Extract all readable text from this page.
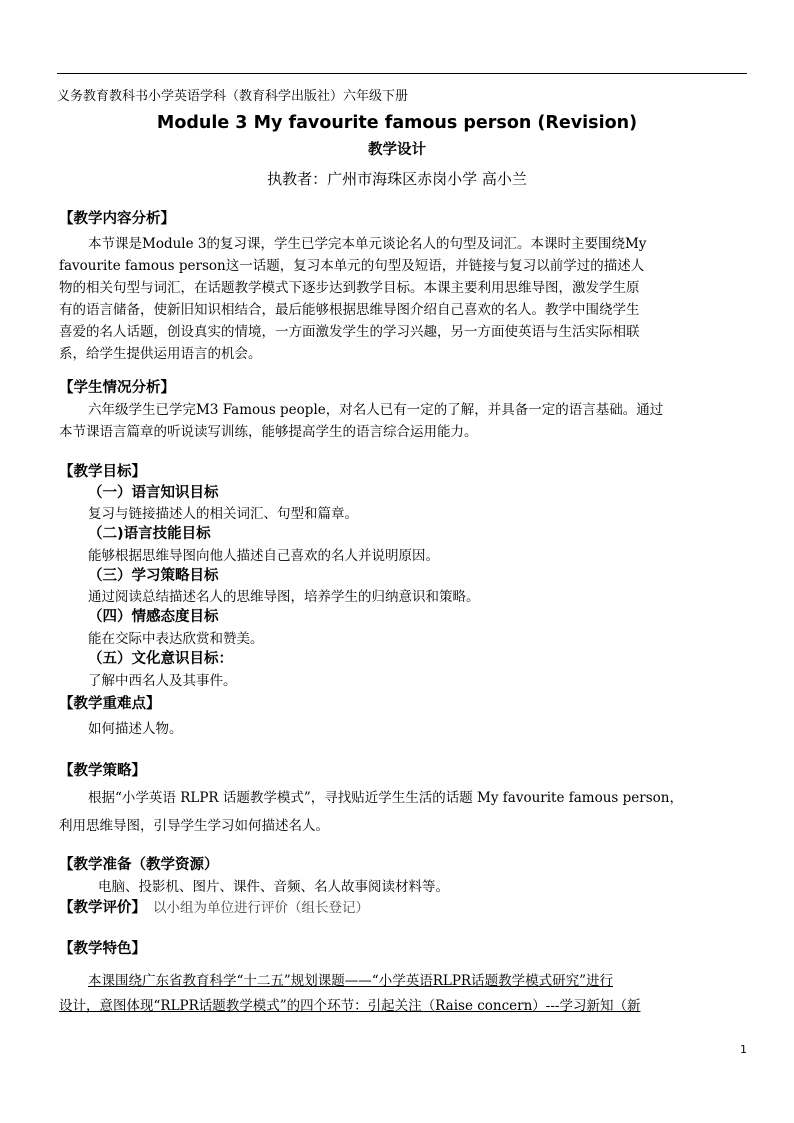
义务教育教科书小学英语学科（教育科学出版社）六年级下册
Module 3 My favourite famous person (Revision)
教学设计
执教者：广州市海珠区赤岗小学 高小兰
【教学内容分析】
本节课是Module 3的复习课，学生已学完本单元谈论名人的句型及词汇。本课时主要围绕My
favourite famous person这一话题，复习本单元的句型及短语，并链接与复习以前学过的描述人
物的相关句型与词汇，在话题教学模式下逐步达到教学目标。本课主要利用思维导图，激发学生原
有的语言储备，使新旧知识相结合，最后能够根据思维导图介绍自己喜欢的名人。教学中围绕学生
喜爱的名人话题，创设真实的情境，一方面激发学生的学习兴趣，另一方面使英语与生活实际相联
系，给学生提供运用语言的机会。
【学生情况分析】
六年级学生已学完M3 Famous people，对名人已有一定的了解，并具备一定的语言基础。通过
本节课语言篇章的听说读写训练，能够提高学生的语言综合运用能力。
【教学目标】
（一）语言知识目标
复习与链接描述人的相关词汇、句型和篇章。
（二)语言技能目标
能够根据思维导图向他人描述自己喜欢的名人并说明原因。
（三）学习策略目标
通过阅读总结描述名人的思维导图，培养学生的归纳意识和策略。
（四）情感态度目标
能在交际中表达欣赏和赞美。
（五）文化意识目标：
了解中西名人及其事件。
【教学重难点】
如何描述人物。
【教学策略】
根据“小学英语 RLPR 话题教学模式”，寻找贴近学生生活的话题 My favourite famous person，
利用思维导图，引导学生学习如何描述名人。
【教学准备（教学资源）
电脑、投影机、图片、课件、音频、名人故事阅读材料等。
【教学评价】 以小组为单位进行评价（组长登记）
【教学特色】
本课围绕广东省教育科学“十二五”规划课题——“小学英语RLPR话题教学模式研究”进行
设计，意图体现“RLPR话题教学模式”的四个环节：引起关注（Raise concern）---学习新知（新
1
